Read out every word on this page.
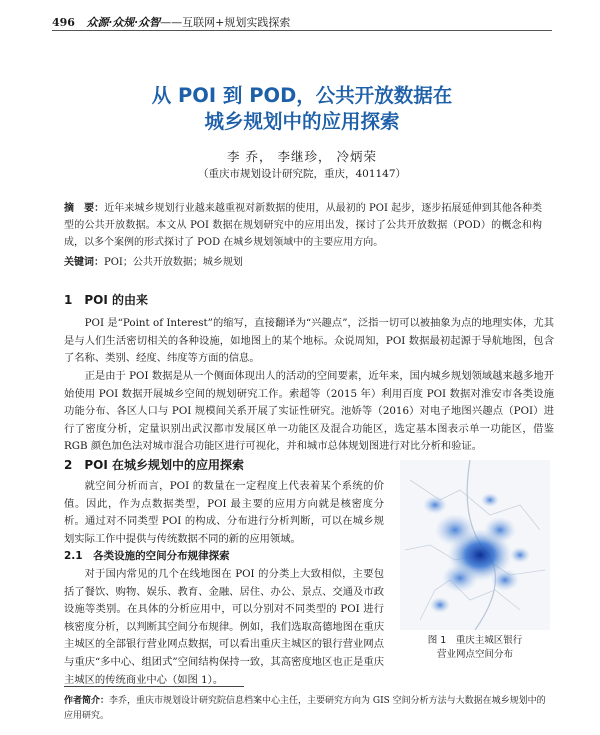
496 众源·众规·众智——互联网+规划实践探索
从 POI 到 POD，公共开放数据在
城乡规划中的应用探索
李 乔， 李继珍， 冷炳荣
（重庆市规划设计研究院，重庆，401147）
摘　要：近年来城乡规划行业越来越重视对新数据的使用，从最初的 POI 起步，逐步拓展延伸到其他各种类型的公共开放数据。本文从 POI 数据在规划研究中的应用出发，探讨了公共开放数据（POD）的概念和构成，以多个案例的形式探讨了 POD 在城乡规划领域中的主要应用方向。
关键词：POI；公共开放数据；城乡规划
1　POI 的由来

POI 是“Point of Interest”的缩写，直接翻译为“兴趣点”，泛指一切可以被抽象为点的地理实体，尤其是与人们生活密切相关的各种设施，如地图上的某个地标。众说周知，POI 数据最初起源于导航地图，包含了名称、类别、经度、纬度等方面的信息。

正是由于 POI 数据是从一个侧面体现出人的活动的空间要素，近年来，国内城乡规划领域越来越多地开始使用 POI 数据开展城乡空间的规划研究工作。索超等（2015 年）利用百度 POI 数据对淮安市各类设施功能分布、各区人口与 POI 规模间关系开展了实证性研究。池娇等（2016）对电子地图兴趣点（POI）进行了密度分析，定量识别出武汉都市发展区单一功能区及混合功能区，选定基本图表示单一功能区，借鉴 RGB 颜色加色法对城市混合功能区进行可视化，并和城市总体规划图进行对比分析和验证。

2　POI 在城乡规划中的应用探索

就空间分析而言，POI 的数量在一定程度上代表着某个系统的价值。因此，作为点数据类型，POI 最主要的应用方向就是核密度分析。通过对不同类型 POI 的构成、分布进行分析判断，可以在城乡规划实际工作中提供与传统数据不同的新的应用领域。

2.1　各类设施的空间分布规律探索

对于国内常见的几个在线地图在 POI 的分类上大致相似，主要包括了餐饮、购物、娱乐、教育、金融、居住、办公、景点、交通及市政设施等类别。在具体的分析应用中，可以分别对不同类型的 POI 进行核密度分析，以判断其空间分布规律。例如，我们选取高德地图在重庆主城区的全部银行营业网点数据，可以看出重庆主城区的银行营业网点与重庆“多中心、组团式”空间结构保持一致，其高密度地区也正是重庆主城区的传统商业中心（如图 1）。

图 1　重庆主城区银行
营业网点空间分布
作者简介：李乔，重庆市规划设计研究院信息档案中心主任，主要研究方向为 GIS 空间分析方法与大数据在城乡规划中的应用研究。
